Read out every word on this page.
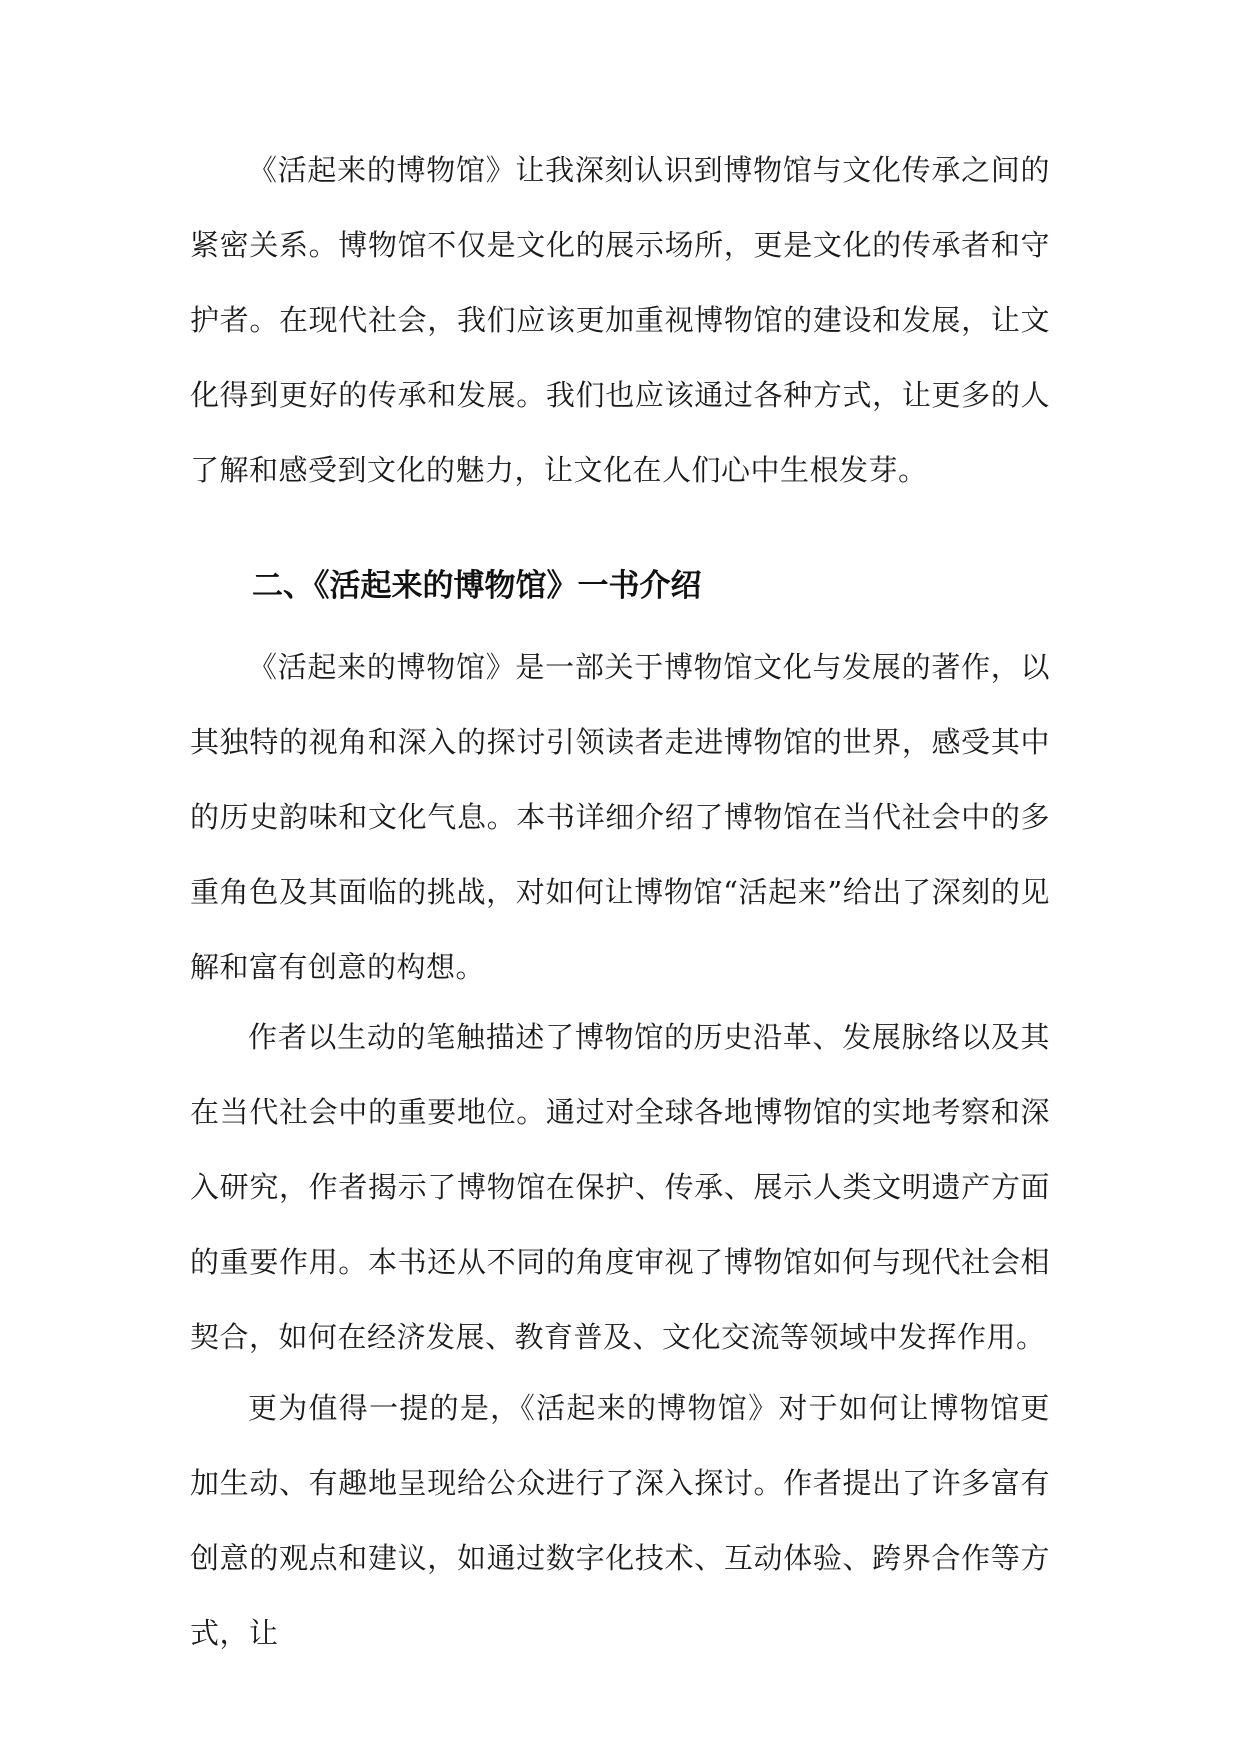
《活起来的博物馆》让我深刻认识到博物馆与文化传承之间的紧密关系。博物馆不仅是文化的展示场所，更是文化的传承者和守护者。在现代社会，我们应该更加重视博物馆的建设和发展，让文化得到更好的传承和发展。我们也应该通过各种方式，让更多的人了解和感受到文化的魅力，让文化在人们心中生根发芽。

二、《活起来的博物馆》一书介绍

《活起来的博物馆》是一部关于博物馆文化与发展的著作，以其独特的视角和深入的探讨引领读者走进博物馆的世界，感受其中的历史韵味和文化气息。本书详细介绍了博物馆在当代社会中的多重角色及其面临的挑战，对如何让博物馆“活起来”给出了深刻的见解和富有创意的构想。

作者以生动的笔触描述了博物馆的历史沿革、发展脉络以及其在当代社会中的重要地位。通过对全球各地博物馆的实地考察和深入研究，作者揭示了博物馆在保护、传承、展示人类文明遗产方面的重要作用。本书还从不同的角度审视了博物馆如何与现代社会相契合，如何在经济发展、教育普及、文化交流等领域中发挥作用。

更为值得一提的是，《活起来的博物馆》对于如何让博物馆更加生动、有趣地呈现给公众进行了深入探讨。作者提出了许多富有创意的观点和建议，如通过数字化技术、互动体验、跨界合作等方式，让
